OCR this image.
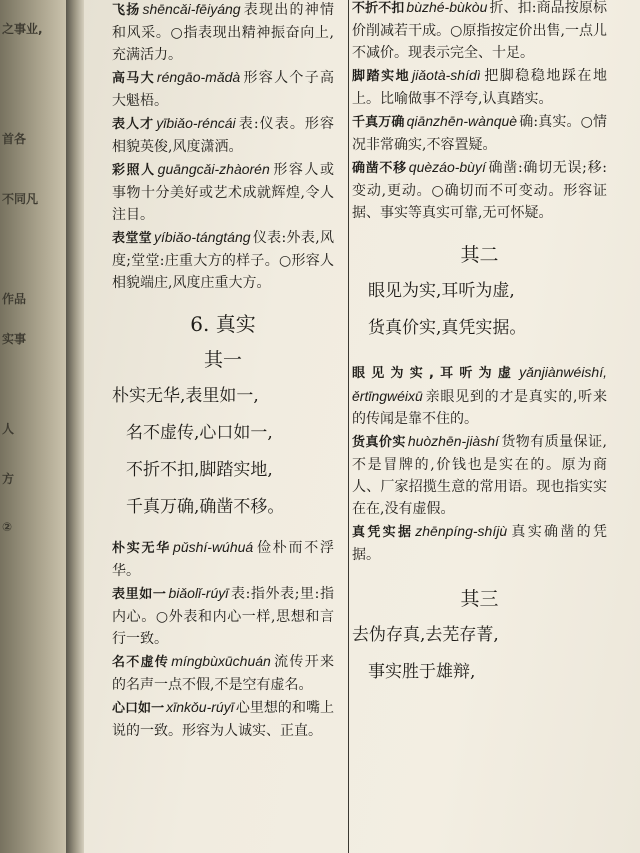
之事业,
首各
不同凡
作品
实事
人
方
②

飞扬 shēncǎi-fēiyáng 表现出的神情和风采。○指表现出精神振奋向上,充满活力。

高马大 réngāo-mǎdà 形容人个子高大魁梧。

表人才 yībiǎo-réncái 表:仪表。形容相貌英俊,风度潇洒。

彩照人 guāngcǎi-zhàorén 形容人或事物十分美好或艺术成就辉煌,令人注目。

表堂堂 yíbiǎo-tángtáng 仪表:外表,风度;堂堂:庄重大方的样子。○形容人相貌端庄,风度庄重大方。

6. 真实
其一

朴实无华,表里如一,

名不虚传,心口如一,

不折不扣,脚踏实地,

千真万确,确凿不移。

朴实无华 pǔshí-wúhuá 俭朴而不浮华。

表里如一 biǎolǐ-rúyī 表:指外表;里:指内心。○外表和内心一样,思想和言行一致。

名不虚传 míngbùxūchuán 流传开来的名声一点不假,不是空有虚名。

心口如一 xīnkǒu-rúyī 心里想的和嘴上说的一致。形容为人诚实、正直。

不折不扣 bùzhé-bùkòu 折、扣:商品按原标价削减若干成。○原指按定价出售,一点儿不减价。现表示完全、十足。

脚踏实地 jiǎotà-shídì 把脚稳稳地踩在地上。比喻做事不浮夸,认真踏实。

千真万确 qiānzhēn-wànquè 确:真实。○情况非常确实,不容置疑。

确凿不移 quèzáo-bùyí 确凿:确切无误;移:变动,更动。○确切而不可变动。形容证据、事实等真实可靠,无可怀疑。

其二

眼见为实,耳听为虚,

货真价实,真凭实据。

眼见为实,耳听为虚 yǎnjiànwéishí, ěrtīngwéixū 亲眼见到的才是真实的,听来的传闻是靠不住的。

货真价实 huòzhēn-jiàshí 货物有质量保证,不是冒牌的,价钱也是实在的。原为商人、厂家招揽生意的常用语。现也指实实在在,没有虚假。

真凭实据 zhēnpíng-shíjù 真实确凿的凭据。

其三

去伪存真,去芜存菁,

事实胜于雄辩,
